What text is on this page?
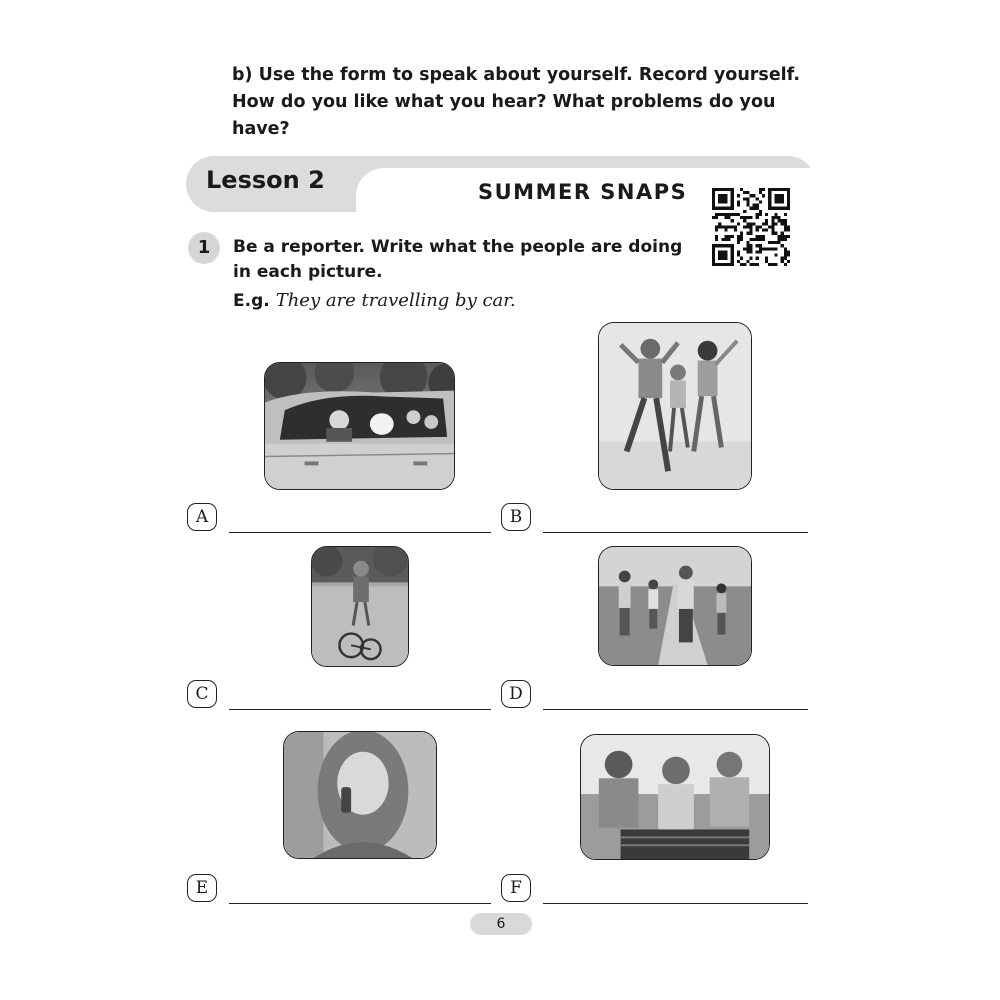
b) Use the form to speak about yourself. Record yourself. How do you like what you hear? What problems do you have?
Lesson 2	SUMMER SNAPS
1	Be a reporter. Write what the people are doing in each picture.
E.g. They are travelling by car.
A	B
C	D
E	F
6
